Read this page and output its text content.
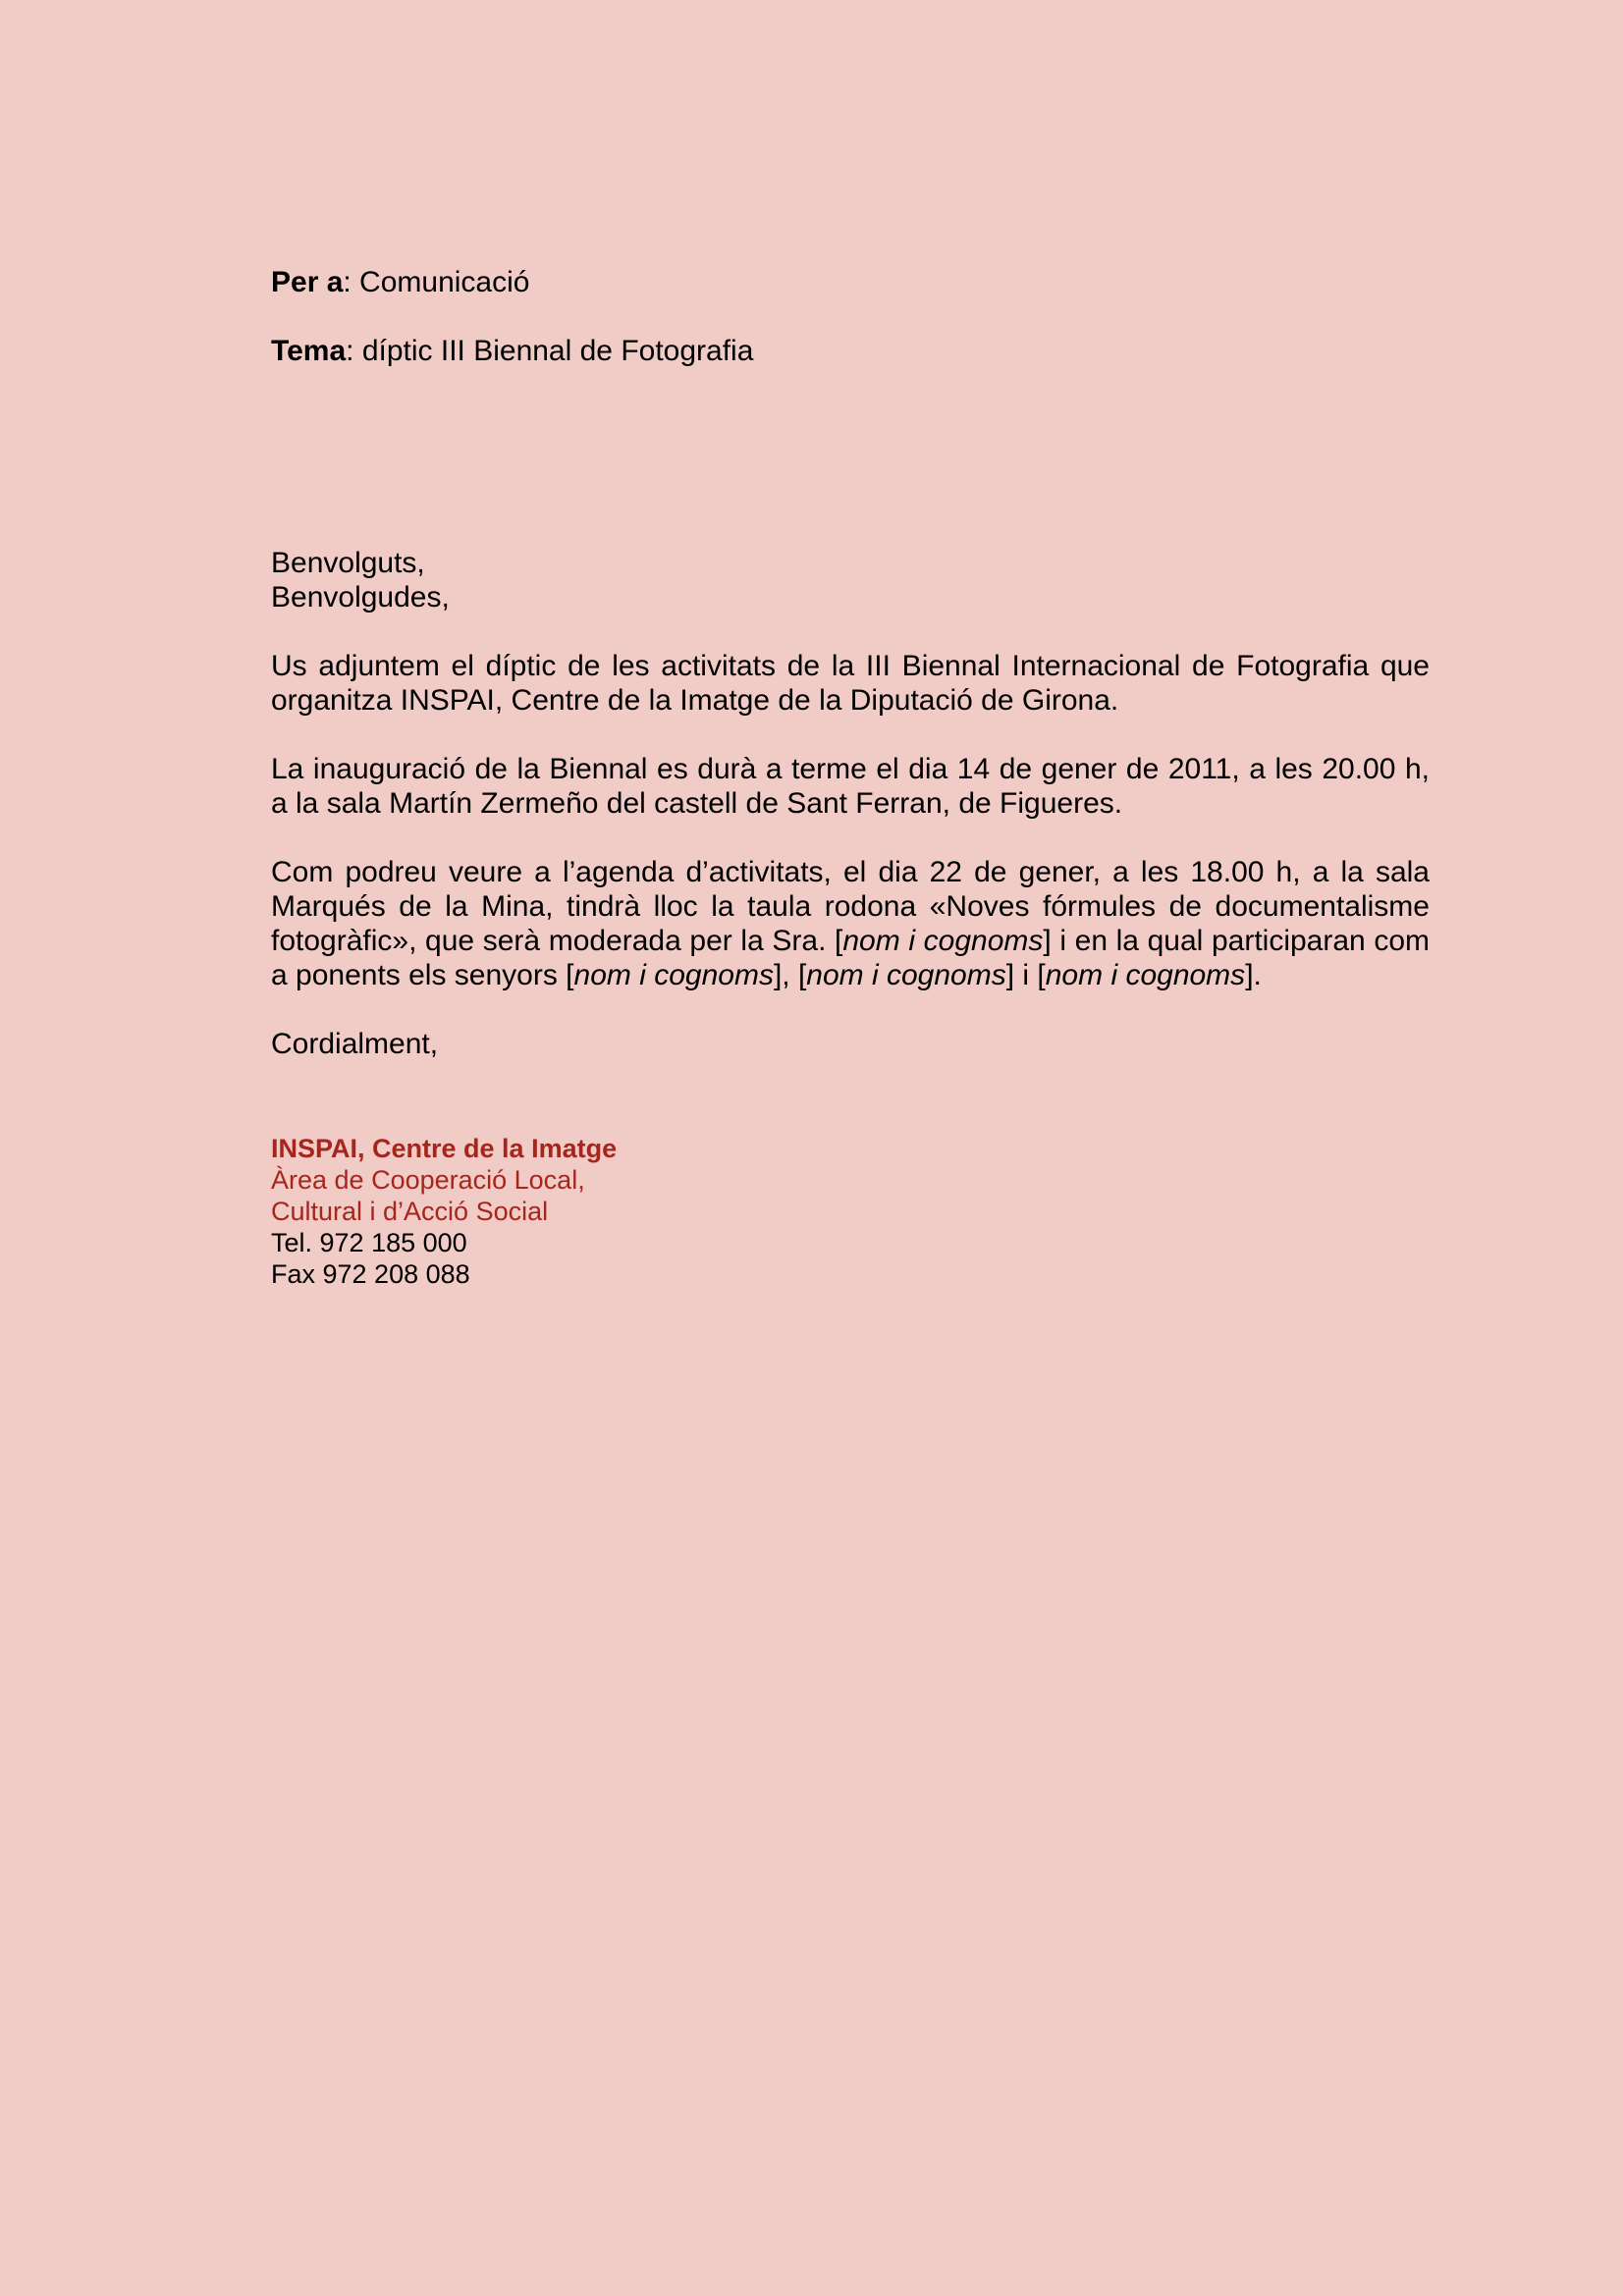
Per a: Comunicació

Tema: díptic III Biennal de Fotografia

Benvolguts,
Benvolgudes,

Us adjuntem el díptic de les activitats de la III Biennal Internacional de Fotografia que organitza INSPAI, Centre de la Imatge de la Diputació de Girona.

La inauguració de la Biennal es durà a terme el dia 14 de gener de 2011, a les 20.00 h, a la sala Martín Zermeño del castell de Sant Ferran, de Figueres.

Com podreu veure a l’agenda d’activitats, el dia 22 de gener, a les 18.00 h, a la sala Marqués de la Mina, tindrà lloc la taula rodona «Noves fórmules de documentalisme fotogràfic», que serà moderada per la Sra. [nom i cognoms] i en la qual participaran com a ponents els senyors [nom i cognoms], [nom i cognoms] i [nom i cognoms].

Cordialment,
INSPAI, Centre de la Imatge
Àrea de Cooperació Local,
Cultural i d’Acció Social
Tel. 972 185 000
Fax 972 208 088
